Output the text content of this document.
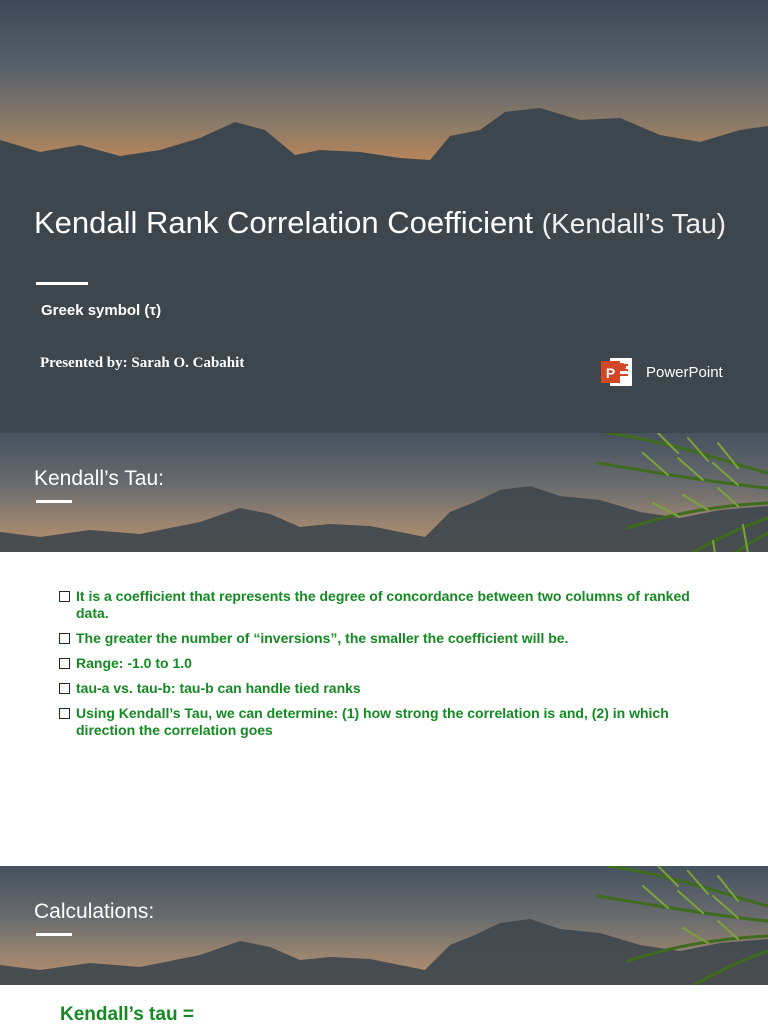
Kendall Rank Correlation Coefficient (Kendall’s Tau)
Greek symbol (τ)
Presented by: Sarah O. Cabahit
P PowerPoint
Kendall’s Tau:
It is a coefficient that represents the degree of concordance between two columns of ranked data.
The greater the number of “inversions”, the smaller the coefficient will be.
Range: -1.0 to 1.0
tau-a vs. tau-b: tau-b can handle tied ranks
Using Kendall’s Tau, we can determine: (1) how strong the correlation is and, (2) in which direction the correlation goes
Calculations:
Kendall’s tau =
